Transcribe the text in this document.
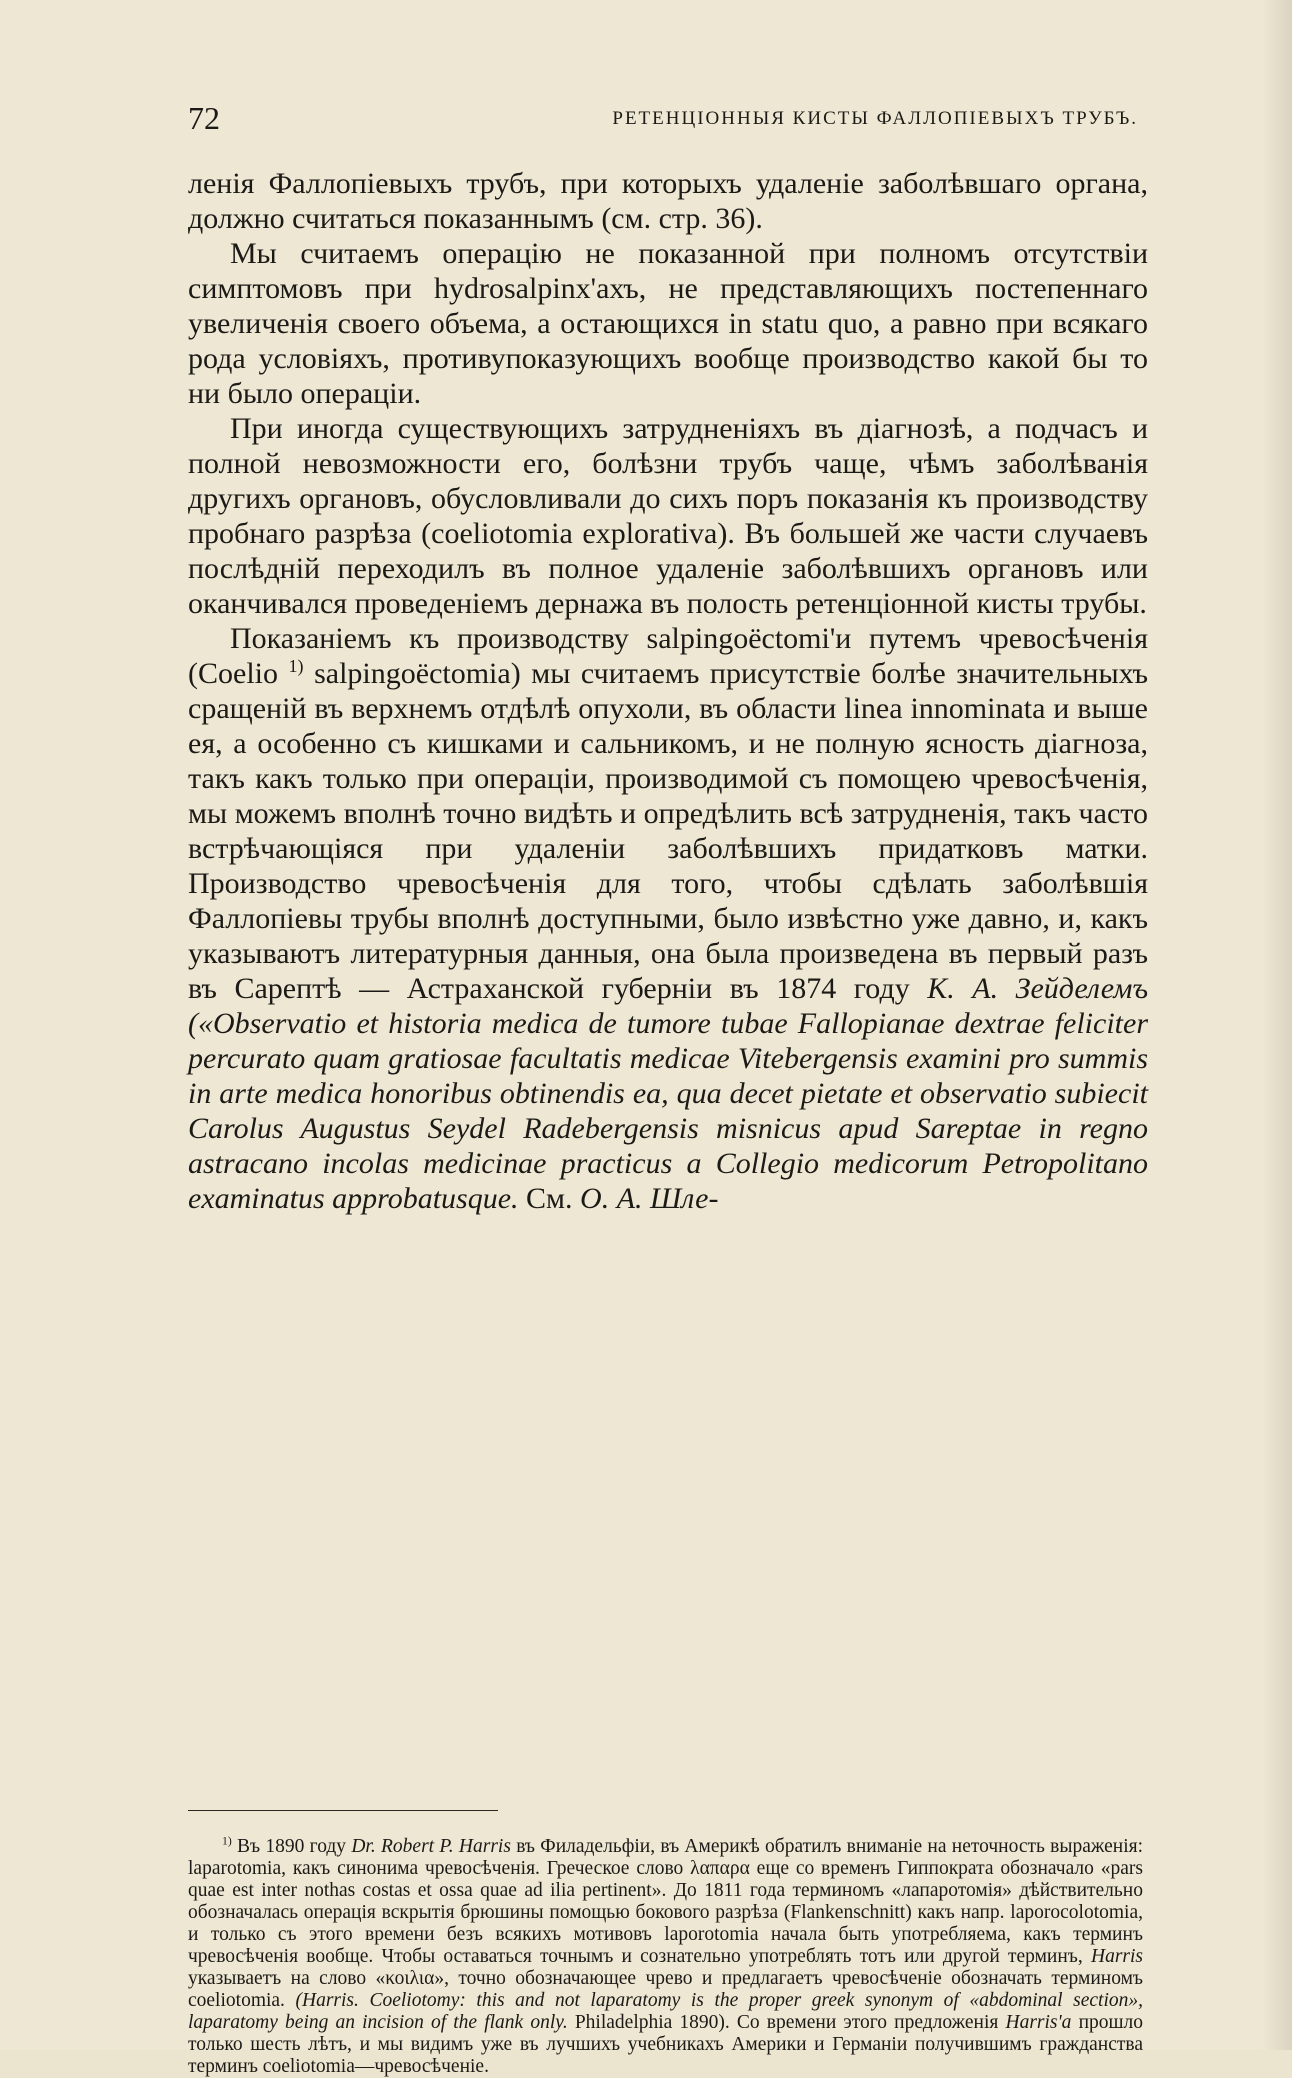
72	РЕТЕНЦІОННЫЯ КИСТЫ ФАЛЛОПІЕВЫХЪ ТРУБЪ.

ленія Фаллопіевыхъ трубъ, при которыхъ удаленіе заболѣвшаго органа, должно считаться показаннымъ (см. стр. 36).

Мы считаемъ операцію не показанной при полномъ отсутствіи симптомовъ при hydrosalpinx'ахъ, не представляющихъ постепеннаго увеличенія своего объема, а остающихся in statu quo, а равно при всякаго рода условіяхъ, противупоказующихъ вообще производство какой бы то ни было операціи.

При иногда существующихъ затрудненіяхъ въ діагнозѣ, а подчасъ и полной невозможности его, болѣзни трубъ чаще, чѣмъ заболѣванія другихъ органовъ, обусловливали до сихъ поръ показанія къ производству пробнаго разрѣза (coeliotomia explorativa). Въ большей же части случаевъ послѣдній переходилъ въ полное удаленіе заболѣвшихъ органовъ или оканчивался проведеніемъ дернажа въ полость ретенціонной кисты трубы.

Показаніемъ къ производству salpingoёctomi'и путемъ чревосѣченія (Coelio $^{1)}$ salpingoёctomia) мы считаемъ присутствіе болѣе значительныхъ сращеній въ верхнемъ отдѣлѣ опухоли, въ области linea innominata и выше ея, а особенно съ кишками и сальникомъ, и не полную ясность діагноза, такъ какъ только при операціи, производимой съ помощею чревосѣченія, мы можемъ вполнѣ точно видѣть и опредѣлить всѣ затрудненія, такъ часто встрѣчающіяся при удаленіи заболѣвшихъ придатковъ матки. Производство чревосѣченія для того, чтобы сдѣлать заболѣвшія Фаллопіевы трубы вполнѣ доступными, было извѣстно уже давно, и, какъ указываютъ литературныя данныя, она была произведена въ первый разъ въ Сарептѣ — Астраханской губерніи въ 1874 году К. А. Зейделемъ («Observatio et historia medica de tumore tubae Fallopianae dextrae feliciter percurato quam gratiosae facultatis medicae Vitebergensis examini pro summis in arte medica honoribus obtinendis ea, qua decet pietate et observatio subiecit Carolus Augustus Seydel Radebergensis misnicus apud Sareptae in regno astracano incolas medicinae practicus a Collegio medicorum Petropolitano examinatus approbatusque. См. О. А. Шле-

$^{1)}$ Въ 1890 году Dr. Robert P. Harris въ Филадельфіи, въ Америкѣ обратилъ вниманіе на неточность выраженія: laparotomia, какъ синонима чревосѣченія. Греческое слово λαπαρα еще со временъ Гиппократа обозначало «pars quae est inter nothas costas et ossa quae ad ilia pertinent». До 1811 года терминомъ «лапаротомія» дѣйствительно обозначалась операція вскрытія брюшины помощью бокового разрѣза (Flankenschnitt) какъ напр. laporocolotomia, и только съ этого времени безъ всякихъ мотивовъ laporotomia начала быть употребляема, какъ терминъ чревосѣченія вообще. Чтобы оставаться точнымъ и сознательно употреблять тотъ или другой терминъ, Harris указываетъ на слово «κοιλια», точно обозначающее чрево и предлагаетъ чревосѣченіе обозначать терминомъ coeliotomia. (Harris. Coeliotomy: this and not laparatomy is the proper greek synonym of «abdominal section», laparatomy being an incision of the flank only. Philadelphia 1890). Со времени этого предложенія Harris'а прошло только шесть лѣтъ, и мы видимъ уже въ лучшихъ учебникахъ Америки и Германіи получившимъ гражданства терминъ coeliotomia—чревосѣченіе.
